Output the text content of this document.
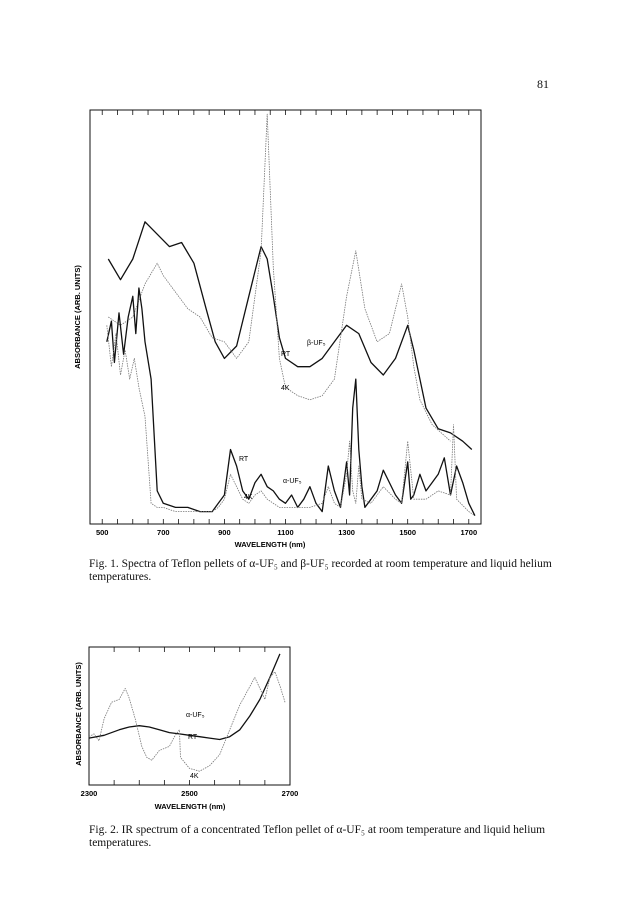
81
500	700	900	1100	1300	1500	1700
WAVELENGTH (nm)
ABSORBANCE (ARB. UNITS)	β-UF₅
RT
4K
α-UF₅
RT
4K
Fig. 1. Spectra of Teflon pellets of α-UF₅ and β-UF₅ recorded at room temperature and liquid helium temperatures.
2300	2500	2700
WAVELENGTH (nm)
ABSORBANCE (ARB. UNITS)	α-UF₅
RT
4K
Fig. 2. IR spectrum of a concentrated Teflon pellet of α-UF₅ at room temperature and liquid helium temperatures.
